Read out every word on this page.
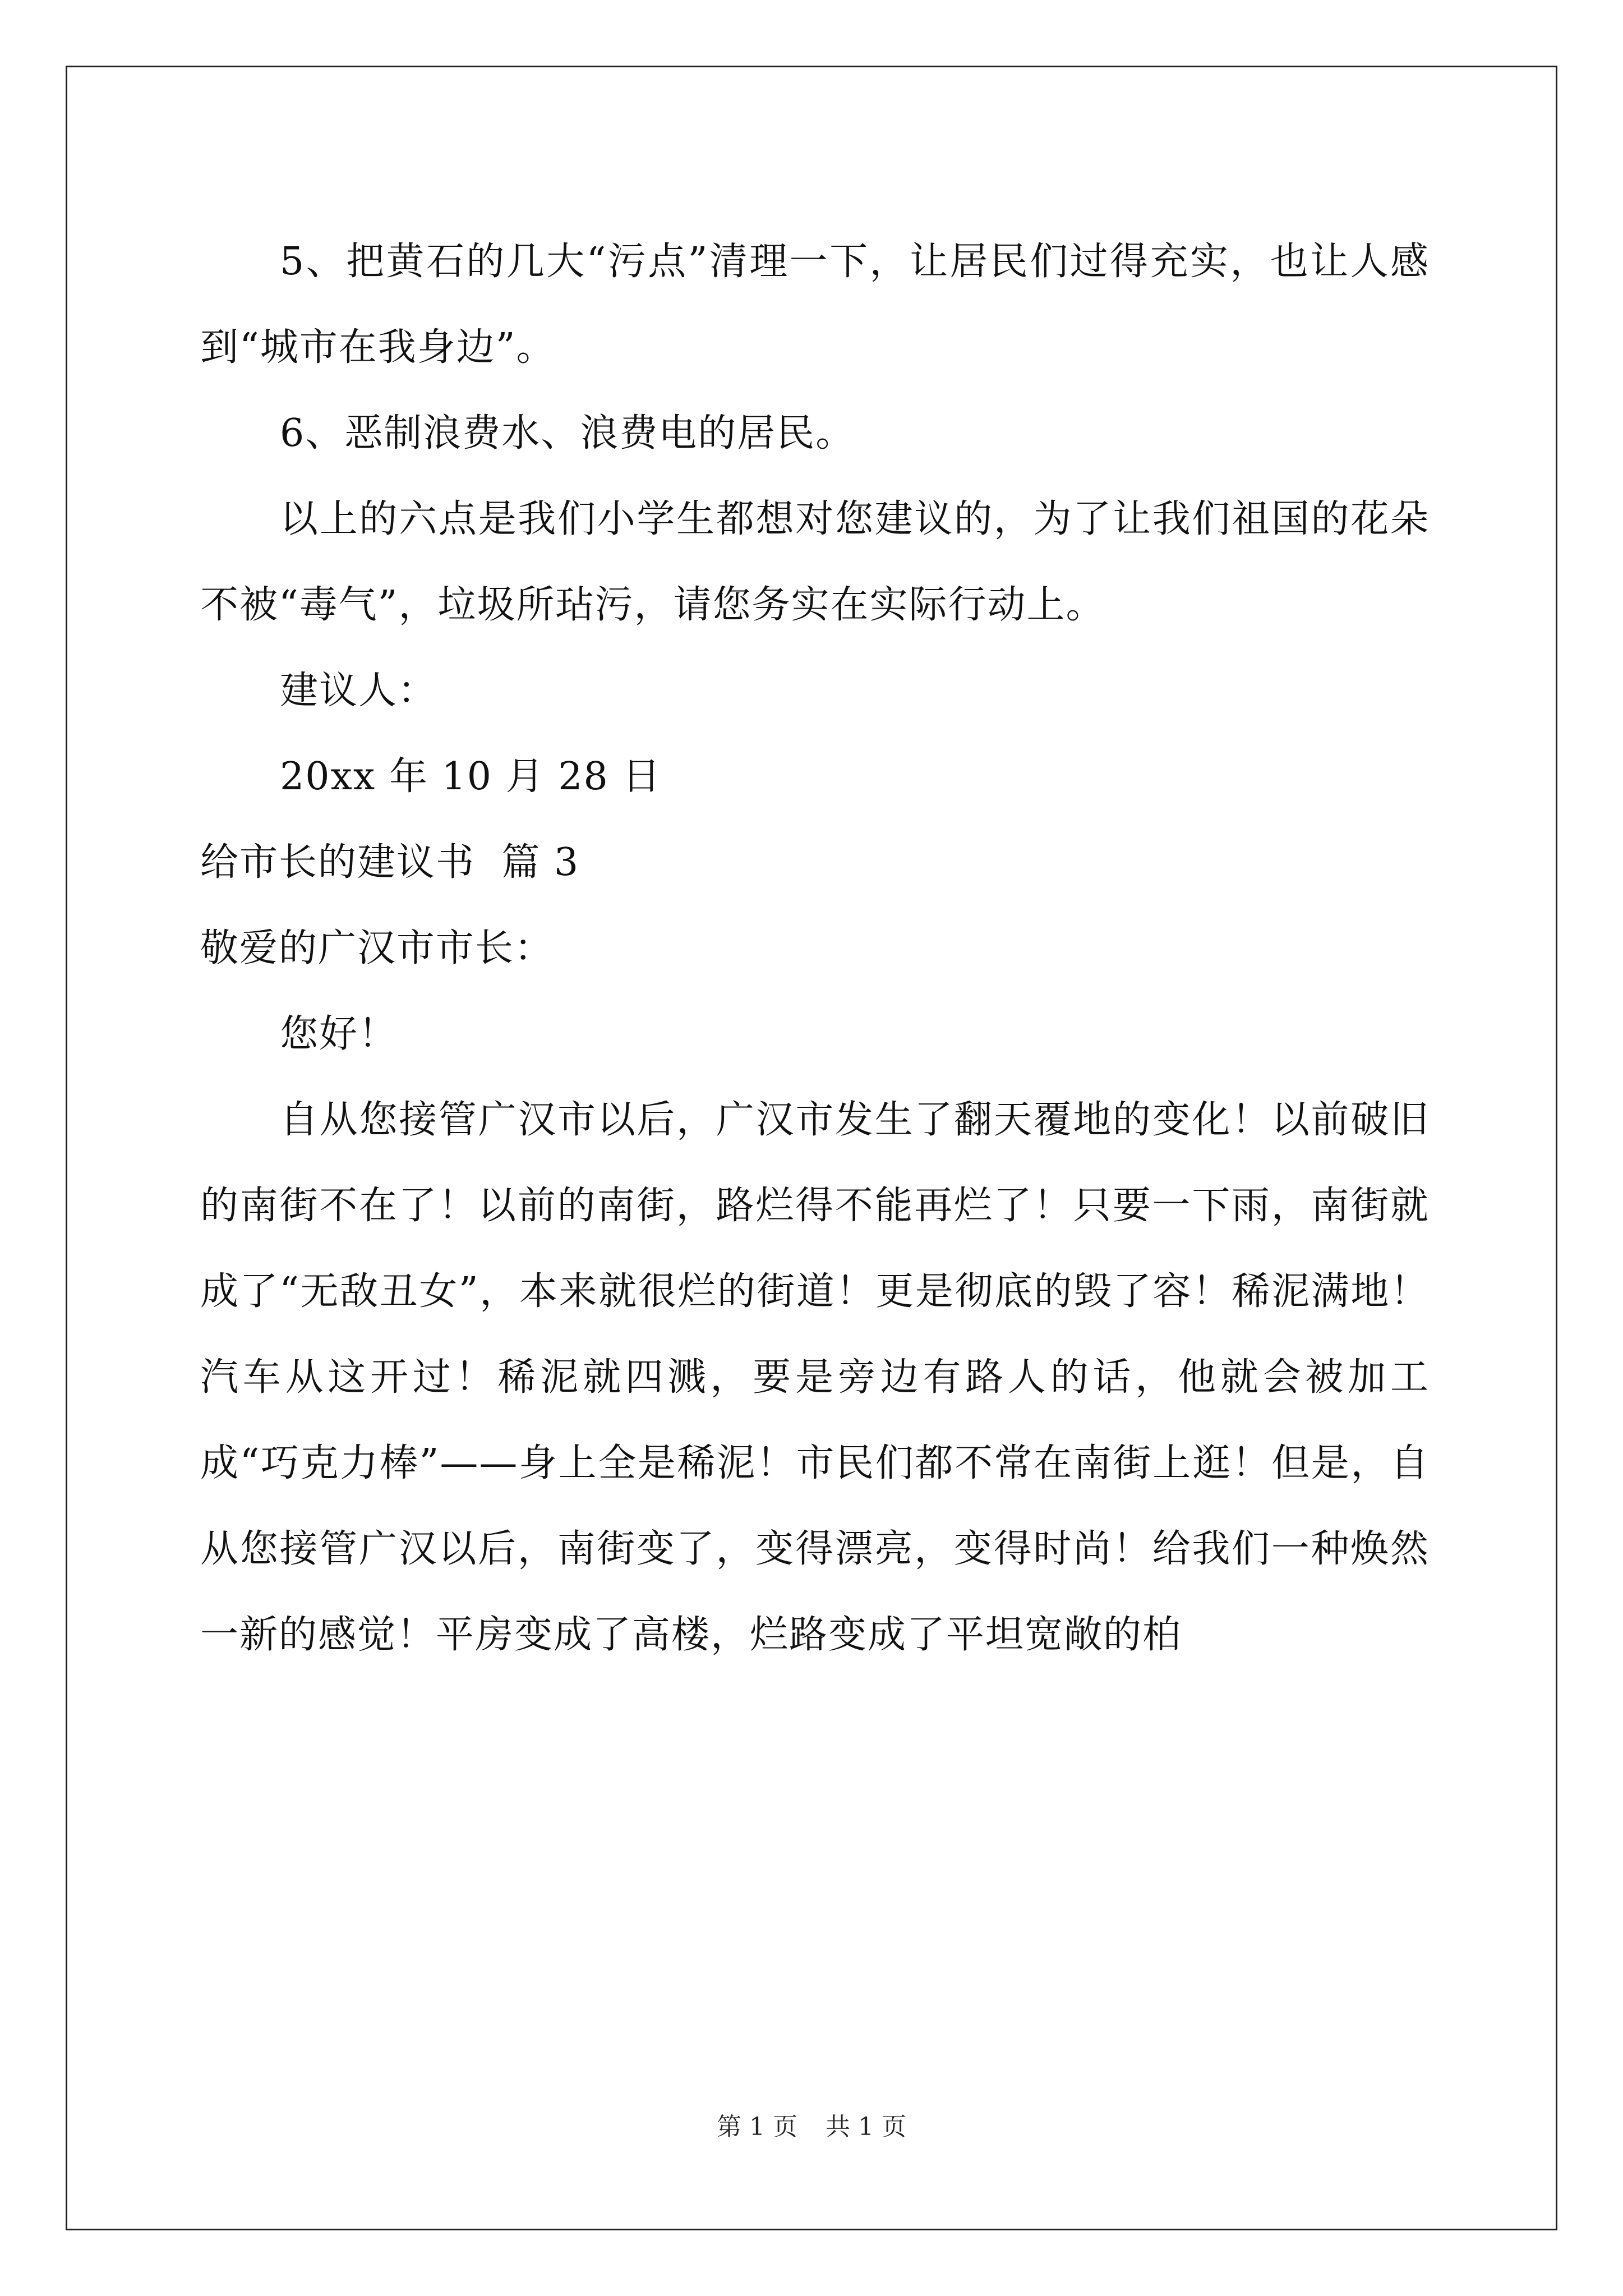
5、把黄石的几大“污点”清理一下，让居民们过得充实，也让人感到“城市在我身边”。

6、恶制浪费水、浪费电的居民。

以上的六点是我们小学生都想对您建议的，为了让我们祖国的花朵不被“毒气”，垃圾所玷污，请您务实在实际行动上。

建议人：

20xx 年 10 月 28 日

给市长的建议书  篇 3

敬爱的广汉市市长：

您好！

自从您接管广汉市以后，广汉市发生了翻天覆地的变化！以前破旧的南街不在了！以前的南街，路烂得不能再烂了！只要一下雨，南街就成了“无敌丑女”，本来就很烂的街道！更是彻底的毁了容！稀泥满地！汽车从这开过！稀泥就四溅，要是旁边有路人的话，他就会被加工成“巧克力棒”——身上全是稀泥！市民们都不常在南街上逛！但是，自从您接管广汉以后，南街变了，变得漂亮，变得时尚！给我们一种焕然一新的感觉！平房变成了高楼，烂路变成了平坦宽敞的柏

第 1 页 共 1 页
